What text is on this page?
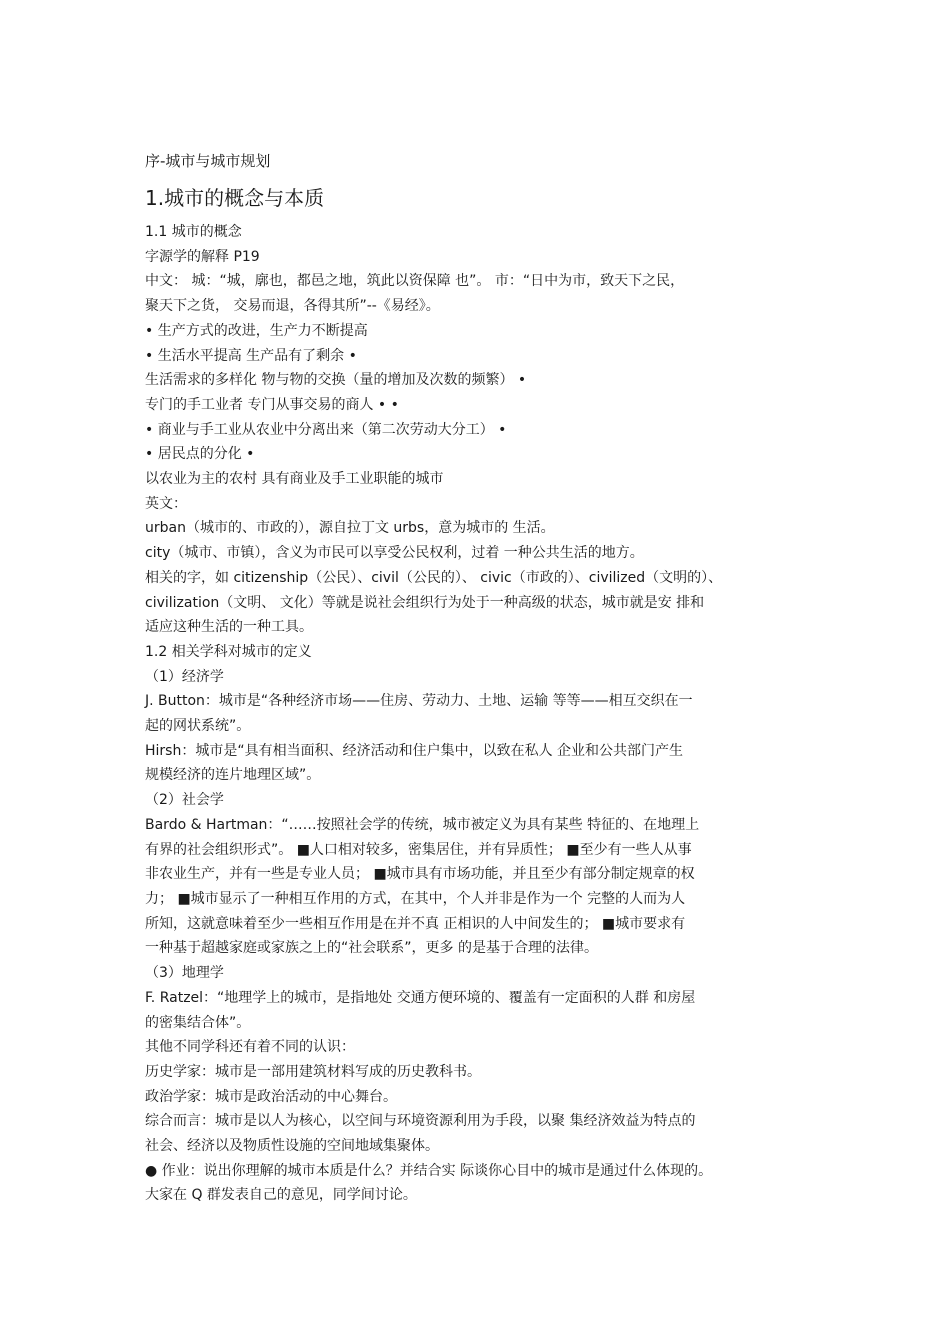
序-城市与城市规划
1.城市的概念与本质

1.1 城市的概念

字源学的解释 P19

中文： 城：“城，廓也，都邑之地，筑此以资保障 也”。 市：“日中为市，致天下之民，

聚天下之货， 交易而退，各得其所”--《易经》。

• 生产方式的改进，生产力不断提高

• 生活水平提高 生产品有了剩余 •

生活需求的多样化 物与物的交换（量的增加及次数的频繁） •

专门的手工业者 专门从事交易的商人 • •

• 商业与手工业从农业中分离出来（第二次劳动大分工） •

• 居民点的分化 •

以农业为主的农村 具有商业及手工业职能的城市

英文：

urban（城市的、市政的），源自拉丁文 urbs，意为城市的 生活。

city（城市、市镇），含义为市民可以享受公民权利，过着 一种公共生活的地方。

相关的字，如 citizenship（公民）、civil（公民的）、 civic（市政的）、civilized（文明的）、

civilization（文明、 文化）等就是说社会组织行为处于一种高级的状态，城市就是安 排和

适应这种生活的一种工具。

1.2 相关学科对城市的定义

（1）经济学

J. Button：城市是“各种经济市场——住房、劳动力、土地、运输 等等——相互交织在一

起的网状系统”。

Hirsh：城市是“具有相当面积、经济活动和住户集中，以致在私人 企业和公共部门产生

规模经济的连片地理区域”。

（2）社会学

Bardo & Hartman：“……按照社会学的传统，城市被定义为具有某些 特征的、在地理上

有界的社会组织形式”。 ■人口相对较多，密集居住，并有异质性； ■至少有一些人从事

非农业生产，并有一些是专业人员； ■城市具有市场功能，并且至少有部分制定规章的权

力； ■城市显示了一种相互作用的方式，在其中，个人并非是作为一个 完整的人而为人

所知，这就意味着至少一些相互作用是在并不真 正相识的人中间发生的； ■城市要求有

一种基于超越家庭或家族之上的“社会联系”，更多 的是基于合理的法律。

（3）地理学

F. Ratzel：“地理学上的城市，是指地处 交通方便环境的、覆盖有一定面积的人群 和房屋

的密集结合体”。

其他不同学科还有着不同的认识：

历史学家：城市是一部用建筑材料写成的历史教科书。

政治学家：城市是政治活动的中心舞台。

综合而言：城市是以人为核心，以空间与环境资源利用为手段，以聚 集经济效益为特点的

社会、经济以及物质性设施的空间地域集聚体。

● 作业：说出你理解的城市本质是什么？并结合实 际谈你心目中的城市是通过什么体现的。

大家在 Q 群发表自己的意见，同学间讨论。
